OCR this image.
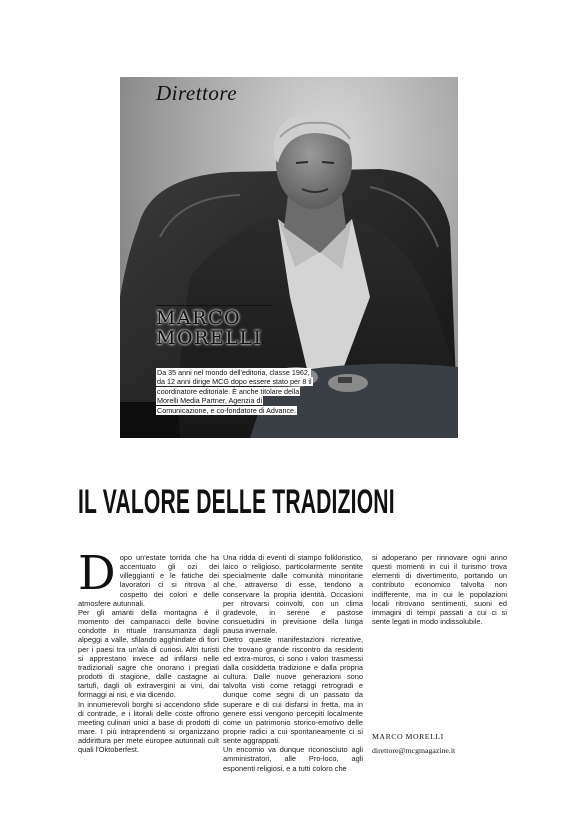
Direttore
MARCO
MORELLI
Da 35 anni nel mondo dell'editoria, classe 1962, da 12 anni dirige MCG dopo essere stato per 8 il coordinatore editoriale. È anche titolare della Morelli Media Partner, Agenzia di Comunicazione, e co-fondatore di Advance.
IL VALORE DELLE TRADIZIONI

Dopo un'estate torrida che ha accentuato gli ozi dei villeggianti e le fatiche dei lavoratori ci si ritrova al cospetto dei colori e delle atmosfere autunnali.

Per gli amanti della montagna è il momento dei campanacci delle bovine condotte in rituale transumanza dagli alpeggi a valle, sfilando agghindate di fiori per i paesi tra un'ala di curiosi. Altri turisti si apprestano invece ad infilarsi nelle tradizionali sagre che onorano i pregiati prodotti di stagione, dalle castagne ai tartufi, dagli oli extravergini ai vini, dai formaggi ai risi, e via dicendo.

In innumerevoli borghi si accendono sfide di contrade, e i litorali delle coste offrono meeting culinari unici a base di prodotti di mare. I più intraprendenti si organizzano addirittura per mete europee autunnali cult quali l'Oktoberfest.

Una ridda di eventi di stampo folkloristico, laico o religioso, particolarmente sentite specialmente dalle comunità minoritarie che, attraverso di esse, tendono a conservare la propria identità. Occasioni per ritrovarsi coinvolti, con un clima gradevole, in serene e pastose consuetudini in previsione della lunga pausa invernale.

Dietro queste manifestazioni ricreative, che trovano grande riscontro da residenti ed extra-muros, ci sono i valori trasmessi dalla cosiddetta tradizione e dalla propria cultura. Dalle nuove generazioni sono talvolta visti come retaggi retrogradi e dunque come segni di un passato da superare e di cui disfarsi in fretta, ma in genere essi vengono percepiti localmente come un patrimonio storico-emotivo delle proprie radici a cui spontaneamente ci si sente aggrappati.

Un encomio va dunque riconosciuto agli amministratori, alle Pro-loco, agli esponenti religiosi, e a tutti coloro che

si adoperano per rinnovare ogni anno questi momenti in cui il turismo trova elementi di divertimento, portando un contributo economico talvolta non indifferente, ma in cui le popolazioni locali ritrovano sentimenti, suoni ed immagini di tempi passati a cui ci si sente legati in modo indissolubile.

MARCO MORELLI
direttore@mcgmagazine.it
